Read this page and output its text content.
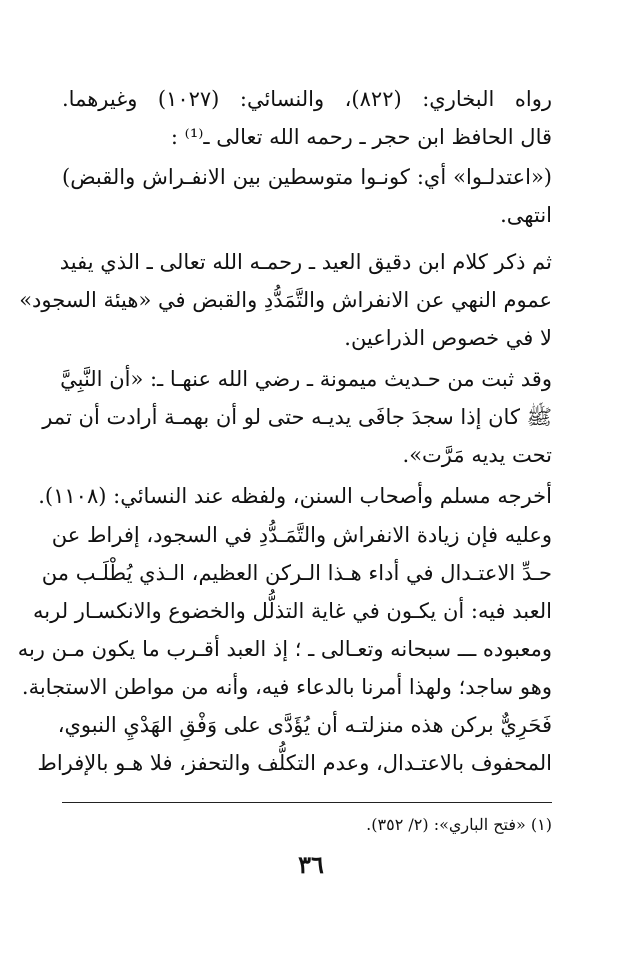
رواه البخاري: (٨٢٢)، والنسائي: (١٠٢٧) وغيرهما.
قال الحافظ ابن حجر ـ رحمه الله تعالى ـ⁽¹⁾ :
(«اعتدلـوا» أي: كونـوا متوسطين بين الانفـراش والقبض)
انتهى.
ثم ذكر كلام ابن دقيق العيد ـ رحمـه الله تعالى ـ الذي يفيد
عموم النهي عن الانفراش والتَّمَدُّدِ والقبض في «هيئة السجود»
لا في خصوص الذراعين.
وقد ثبت من حـديث ميمونة ـ رضي الله عنهـا ـ: «أن النَّبِيَّ
ﷺ كان إذا سجدَ جافَى يديـه حتى لو أن بهمـة أرادت أن تمر
تحت يديه مَرَّت».
أخرجه مسلم وأصحاب السنن، ولفظه عند النسائي: (١١٠٨).
وعليه فإن زيادة الانفراش والتَّمَـدُّدِ في السجود، إفراط عن
حـدِّ الاعتـدال في أداء هـذا الـركن العظيم، الـذي يُطْلَـب من
العبد فيه: أن يكـون في غاية التذلُّل والخضوع والانكسـار لربه
ومعبوده ـــ سبحانه وتعـالى ـ ؛ إذ العبد أقـرب ما يكون مـن ربه
وهو ساجد؛ ولهذا أمرنا بالدعاء فيه، وأنه من مواطن الاستجابة.
فَحَرِيٌّ بركن هذه منزلتـه أن يُؤَدَّى على وَفْقِ الهَدْيِ النبوي،
المحفوف بالاعتـدال، وعدم التكلُّف والتحفز، فلا هـو بالإفراط
(١) «فتح الباري»: (٢/ ٣٥٢).
٣٦
